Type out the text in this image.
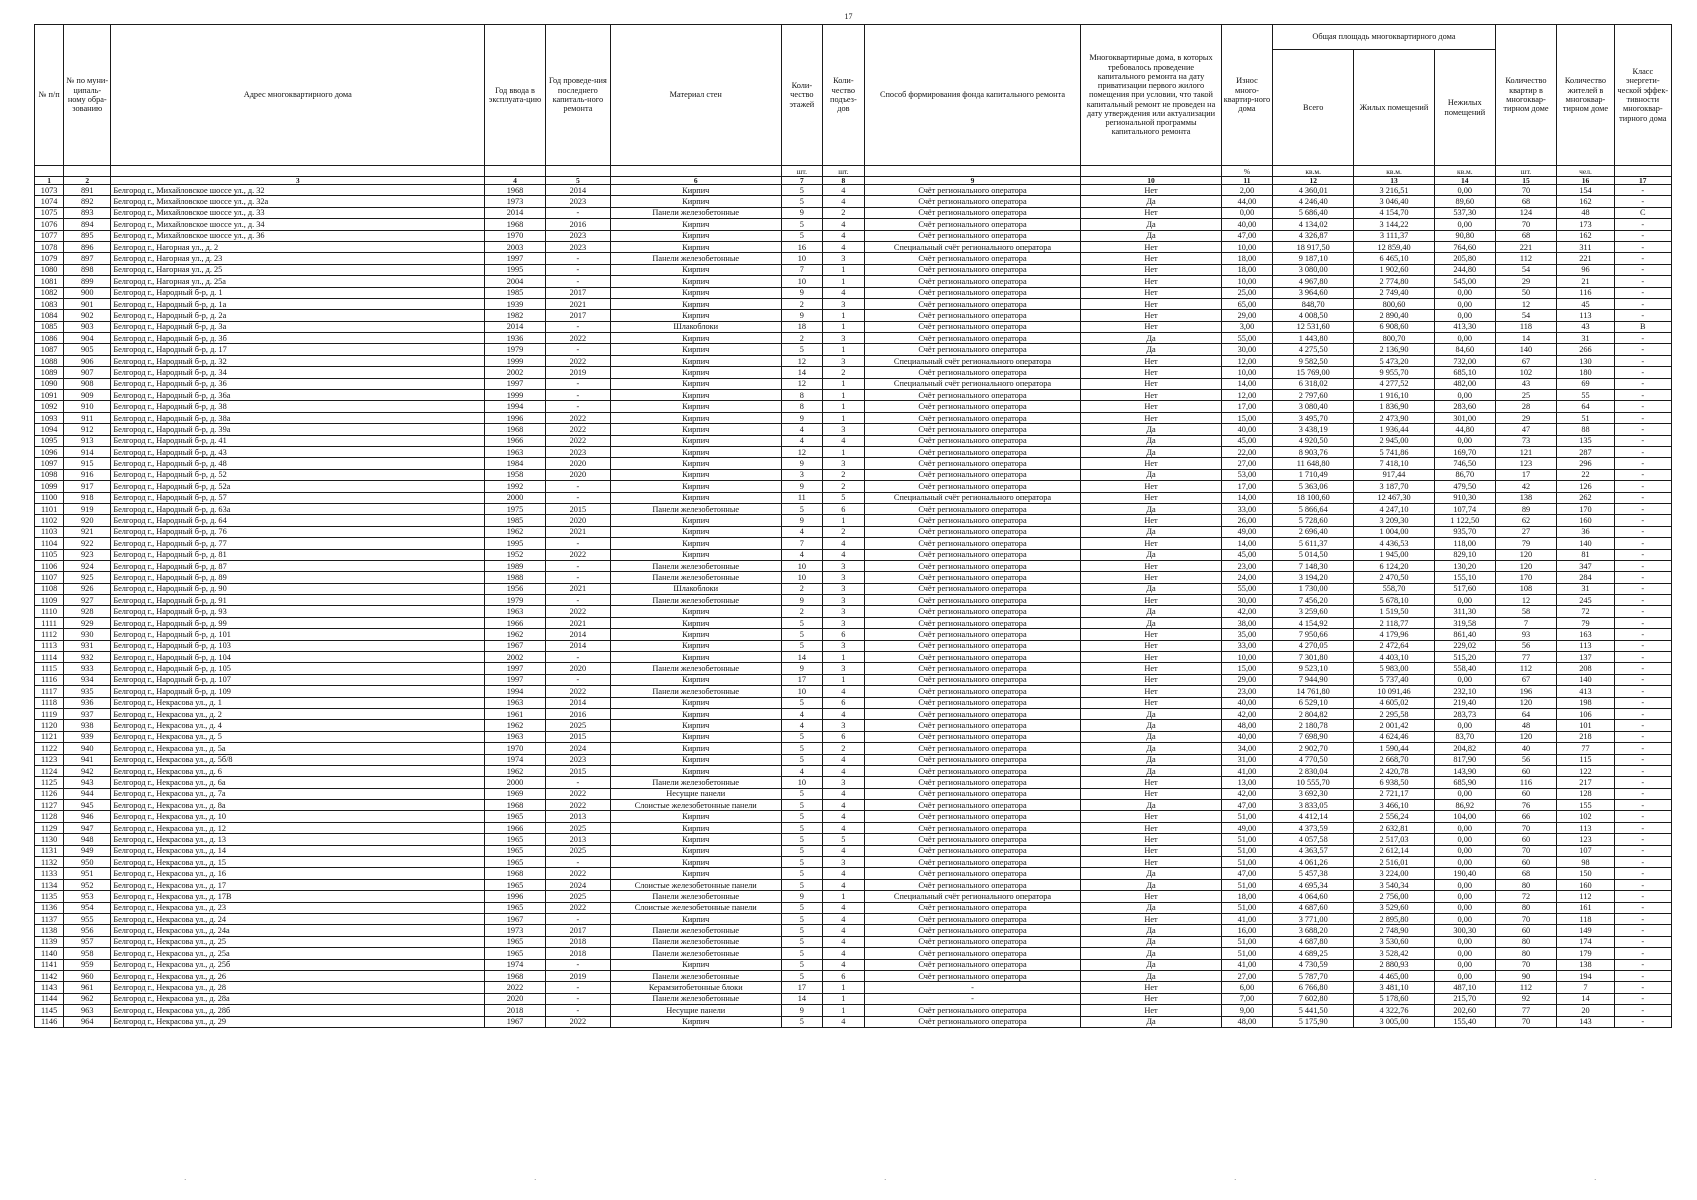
17
№ п/п	№ по муни-ципаль-ному обра-зованию	Адрес многоквартирного дома	Год ввода в эксплуата-цию	Год проведе-ния последнего капиталь-ного ремонта	Материал стен	Коли-чество этажей	Коли-чество подъез-дов	Способ формирования фонда капитального ремонта	Многоквартирные дома, в которых требовалось проведение капитального ремонта на дату приватизации первого жилого помещения при условии, что такой капитальный ремонт не проведен на дату утверждения или актуализации региональной программы капитального ремонта	Износ много-квартир-ного дома	Общая площадь многоквартирного дома			Количество квартир в многоквар-тирном доме	Количество жителей в многоквар-тирном доме	Класс энергети-ческой эффек-тивности многоквар-тирного дома
											Всего	Жилых помещений	Нежилых помещений			
						шт.	шт.			%	кв.м.	кв.м.	кв.м.	шт.	чел.	
1	2	3	4	5	6	7	8	9	10	11	12	13	14	15	16	17
1073	891	Белгород г., Михайловское шоссе ул., д. 32	1968	2014	Кирпич	5	4	Счёт регионального оператора	Нет	2,00	4 360,01	3 216,51	0,00	70	154	-
1074	892	Белгород г., Михайловское шоссе ул., д. 32а	1973	2023	Кирпич	5	4	Счёт регионального оператора	Да	44,00	4 246,40	3 046,40	89,60	68	162	-
1075	893	Белгород г., Михайловское шоссе ул., д. 33	2014	-	Панели железобетонные	9	2	Счёт регионального оператора	Нет	0,00	5 686,40	4 154,70	537,30	124	48	С
1076	894	Белгород г., Михайловское шоссе ул., д. 34	1968	2016	Кирпич	5	4	Счёт регионального оператора	Да	40,00	4 134,02	3 144,22	0,00	70	173	-
1077	895	Белгород г., Михайловское шоссе ул., д. 36	1970	2023	Кирпич	5	4	Счёт регионального оператора	Да	47,00	4 326,87	3 111,37	90,80	68	162	-
1078	896	Белгород г., Нагорная ул., д. 2	2003	2023	Кирпич	16	4	Специальный счёт регионального оператора	Нет	10,00	18 917,50	12 859,40	764,60	221	311	-
1079	897	Белгород г., Нагорная ул., д. 23	1997	-	Панели железобетонные	10	3	Счёт регионального оператора	Нет	18,00	9 187,10	6 465,10	205,80	112	221	-
1080	898	Белгород г., Нагорная ул., д. 25	1995	-	Кирпич	7	1	Счёт регионального оператора	Нет	18,00	3 080,00	1 902,60	244,80	54	96	-
1081	899	Белгород г., Нагорная ул., д. 25а	2004	-	Кирпич	10	1	Счёт регионального оператора	Нет	10,00	4 967,80	2 774,80	545,00	29	21	-
1082	900	Белгород г., Народный б-р, д. 1	1985	2017	Кирпич	9	4	Счёт регионального оператора	Нет	25,00	3 964,60	2 749,40	0,00	50	116	-
1083	901	Белгород г., Народный б-р, д. 1а	1939	2021	Кирпич	2	3	Счёт регионального оператора	Нет	65,00	848,70	800,60	0,00	12	45	-
1084	902	Белгород г., Народный б-р, д. 2а	1982	2017	Кирпич	9	1	Счёт регионального оператора	Нет	29,00	4 008,50	2 890,40	0,00	54	113	-
1085	903	Белгород г., Народный б-р, д. 3а	2014	-	Шлакоблоки	18	1	Счёт регионального оператора	Нет	3,00	12 531,60	6 908,60	413,30	118	43	В
1086	904	Белгород г., Народный б-р, д. 3б	1936	2022	Кирпич	2	3	Счёт регионального оператора	Да	55,00	1 443,80	800,70	0,00	14	31	-
1087	905	Белгород г., Народный б-р, д. 17	1979	-	Кирпич	5	1	Счёт регионального оператора	Да	30,00	4 275,50	2 136,90	84,60	140	266	-
1088	906	Белгород г., Народный б-р, д. 32	1999	2022	Кирпич	12	3	Специальный счёт регионального оператора	Нет	12,00	9 582,50	5 473,20	732,00	67	130	-
1089	907	Белгород г., Народный б-р, д. 34	2002	2019	Кирпич	14	2	Счёт регионального оператора	Нет	10,00	15 769,00	9 955,70	685,10	102	180	-
1090	908	Белгород г., Народный б-р, д. 36	1997	-	Кирпич	12	1	Специальный счёт регионального оператора	Нет	14,00	6 318,02	4 277,52	482,00	43	69	-
1091	909	Белгород г., Народный б-р, д. 36а	1999	-	Кирпич	8	1	Счёт регионального оператора	Нет	12,00	2 797,60	1 916,10	0,00	25	55	-
1092	910	Белгород г., Народный б-р, д. 38	1994	-	Кирпич	8	1	Счёт регионального оператора	Нет	17,00	3 080,40	1 836,90	283,60	28	64	-
1093	911	Белгород г., Народный б-р, д. 38а	1996	2022	Кирпич	9	1	Счёт регионального оператора	Нет	15,00	3 495,70	2 473,90	301,00	29	51	-
1094	912	Белгород г., Народный б-р, д. 39а	1968	2022	Кирпич	4	3	Счёт регионального оператора	Да	40,00	3 438,19	1 936,44	44,80	47	88	-
1095	913	Белгород г., Народный б-р, д. 41	1966	2022	Кирпич	4	4	Счёт регионального оператора	Да	45,00	4 920,50	2 945,00	0,00	73	135	-
1096	914	Белгород г., Народный б-р, д. 43	1963	2023	Кирпич	12	1	Счёт регионального оператора	Да	22,00	8 903,76	5 741,86	169,70	121	287	-
1097	915	Белгород г., Народный б-р, д. 48	1984	2020	Кирпич	9	3	Счёт регионального оператора	Нет	27,00	11 648,80	7 418,10	746,50	123	296	-
1098	916	Белгород г., Народный б-р, д. 52	1958	2020	Кирпич	3	2	Счёт регионального оператора	Да	53,00	1 710,49	917,44	86,70	17	22	-
1099	917	Белгород г., Народный б-р, д. 52а	1992	-	Кирпич	9	2	Счёт регионального оператора	Нет	17,00	5 363,06	3 187,70	479,50	42	126	-
1100	918	Белгород г., Народный б-р, д. 57	2000	-	Кирпич	11	5	Специальный счёт регионального оператора	Нет	14,00	18 100,60	12 467,30	910,30	138	262	-
1101	919	Белгород г., Народный б-р, д. 63а	1975	2015	Панели железобетонные	5	6	Счёт регионального оператора	Да	33,00	5 866,64	4 247,10	107,74	89	170	-
1102	920	Белгород г., Народный б-р, д. 64	1985	2020	Кирпич	9	1	Счёт регионального оператора	Нет	26,00	5 728,60	3 209,30	1 122,50	62	160	-
1103	921	Белгород г., Народный б-р, д. 76	1962	2021	Кирпич	4	2	Счёт регионального оператора	Да	49,00	2 696,40	1 004,00	935,70	27	36	-
1104	922	Белгород г., Народный б-р, д. 77	1995	-	Кирпич	7	4	Счёт регионального оператора	Нет	14,00	5 611,37	4 436,53	118,00	79	140	-
1105	923	Белгород г., Народный б-р, д. 81	1952	2022	Кирпич	4	4	Счёт регионального оператора	Да	45,00	5 014,50	1 945,00	829,10	120	81	-
1106	924	Белгород г., Народный б-р, д. 87	1989	-	Панели железобетонные	10	3	Счёт регионального оператора	Нет	23,00	7 148,30	6 124,20	130,20	120	347	-
1107	925	Белгород г., Народный б-р, д. 89	1988	-	Панели железобетонные	10	3	Счёт регионального оператора	Нет	24,00	3 194,20	2 470,50	155,10	170	284	-
1108	926	Белгород г., Народный б-р, д. 90	1956	2021	Шлакоблоки	2	3	Счёт регионального оператора	Да	55,00	1 730,00	558,70	517,60	108	31	-
1109	927	Белгород г., Народный б-р, д. 91	1979	-	Панели железобетонные	9	3	Счёт регионального оператора	Нет	30,00	7 456,20	5 678,10	0,00	12	245	-
1110	928	Белгород г., Народный б-р, д. 93	1963	2022	Кирпич	2	3	Счёт регионального оператора	Да	42,00	3 259,60	1 519,50	311,30	58	72	-
1111	929	Белгород г., Народный б-р, д. 99	1966	2021	Кирпич	5	3	Счёт регионального оператора	Да	38,00	4 154,92	2 118,77	319,58	7	79	-
1112	930	Белгород г., Народный б-р, д. 101	1962	2014	Кирпич	5	6	Счёт регионального оператора	Нет	35,00	7 950,66	4 179,96	861,40	93	163	-
1113	931	Белгород г., Народный б-р, д. 103	1967	2014	Кирпич	5	3	Счёт регионального оператора	Нет	33,00	4 270,05	2 472,64	229,02	56	113	-
1114	932	Белгород г., Народный б-р, д. 104	2002	-	Кирпич	14	1	Счёт регионального оператора	Нет	10,00	7 301,80	4 403,10	515,20	77	137	-
1115	933	Белгород г., Народный б-р, д. 105	1997	2020	Панели железобетонные	9	3	Счёт регионального оператора	Нет	15,00	9 523,10	5 983,00	558,40	112	208	-
1116	934	Белгород г., Народный б-р, д. 107	1997	-	Кирпич	17	1	Счёт регионального оператора	Нет	29,00	7 944,90	5 737,40	0,00	67	140	-
1117	935	Белгород г., Народный б-р, д. 109	1994	2022	Панели железобетонные	10	4	Счёт регионального оператора	Нет	23,00	14 761,80	10 091,46	232,10	196	413	-
1118	936	Белгород г., Некрасова ул., д. 1	1963	2014	Кирпич	5	6	Счёт регионального оператора	Нет	40,00	6 529,10	4 605,02	219,40	120	198	-
1119	937	Белгород г., Некрасова ул., д. 2	1961	2016	Кирпич	4	4	Счёт регионального оператора	Да	42,00	2 804,82	2 295,58	283,73	64	106	-
1120	938	Белгород г., Некрасова ул., д. 4	1962	2025	Кирпич	4	3	Счёт регионального оператора	Да	48,00	2 180,78	2 001,42	0,00	48	101	-
1121	939	Белгород г., Некрасова ул., д. 5	1963	2015	Кирпич	5	6	Счёт регионального оператора	Да	40,00	7 698,90	4 624,46	83,70	120	218	-
1122	940	Белгород г., Некрасова ул., д. 5а	1970	2024	Кирпич	5	2	Счёт регионального оператора	Да	34,00	2 902,70	1 590,44	204,82	40	77	-
1123	941	Белгород г., Некрасова ул., д. 5б/8	1974	2023	Кирпич	5	4	Счёт регионального оператора	Да	31,00	4 770,50	2 668,70	817,90	56	115	-
1124	942	Белгород г., Некрасова ул., д. 6	1962	2015	Кирпич	4	4	Счёт регионального оператора	Да	41,00	2 830,04	2 420,78	143,90	60	122	-
1125	943	Белгород г., Некрасова ул., д. 6а	2000	-	Панели железобетонные	10	3	Счёт регионального оператора	Нет	13,00	10 555,70	6 938,50	685,90	116	217	-
1126	944	Белгород г., Некрасова ул., д. 7а	1969	2022	Несущие панели	5	4	Счёт регионального оператора	Нет	42,00	3 692,30	2 721,17	0,00	60	128	-
1127	945	Белгород г., Некрасова ул., д. 8а	1968	2022	Слоистые железобетонные панели	5	4	Счёт регионального оператора	Да	47,00	3 833,05	3 466,10	86,92	76	155	-
1128	946	Белгород г., Некрасова ул., д. 10	1965	2013	Кирпич	5	4	Счёт регионального оператора	Нет	51,00	4 412,14	2 556,24	104,00	66	102	-
1129	947	Белгород г., Некрасова ул., д. 12	1966	2025	Кирпич	5	4	Счёт регионального оператора	Нет	49,00	4 373,59	2 632,81	0,00	70	113	-
1130	948	Белгород г., Некрасова ул., д. 13	1965	2013	Кирпич	5	5	Счёт регионального оператора	Нет	51,00	4 057,58	2 517,03	0,00	60	123	-
1131	949	Белгород г., Некрасова ул., д. 14	1965	2025	Кирпич	5	4	Счёт регионального оператора	Нет	51,00	4 363,57	2 612,14	0,00	70	107	-
1132	950	Белгород г., Некрасова ул., д. 15	1965	-	Кирпич	5	3	Счёт регионального оператора	Нет	51,00	4 061,26	2 516,01	0,00	60	98	-
1133	951	Белгород г., Некрасова ул., д. 16	1968	2022	Кирпич	5	4	Счёт регионального оператора	Да	47,00	5 457,38	3 224,00	190,40	68	150	-
1134	952	Белгород г., Некрасова ул., д. 17	1965	2024	Слоистые железобетонные панели	5	4	Счёт регионального оператора	Да	51,00	4 695,34	3 540,34	0,00	80	160	-
1135	953	Белгород г., Некрасова ул., д. 17В	1996	2025	Панели железобетонные	9	1	Специальный счёт регионального оператора	Нет	18,00	4 064,60	2 756,00	0,00	72	112	-
1136	954	Белгород г., Некрасова ул., д. 23	1965	2022	Слоистые железобетонные панели	5	4	Счёт регионального оператора	Да	51,00	4 687,60	3 529,60	0,00	80	161	-
1137	955	Белгород г., Некрасова ул., д. 24	1967	-	Кирпич	5	4	Счёт регионального оператора	Нет	41,00	3 771,00	2 895,80	0,00	70	118	-
1138	956	Белгород г., Некрасова ул., д. 24а	1973	2017	Панели железобетонные	5	4	Счёт регионального оператора	Да	16,00	3 688,20	2 748,90	300,30	60	149	-
1139	957	Белгород г., Некрасова ул., д. 25	1965	2018	Панели железобетонные	5	4	Счёт регионального оператора	Да	51,00	4 687,80	3 530,60	0,00	80	174	-
1140	958	Белгород г., Некрасова ул., д. 25а	1965	2018	Панели железобетонные	5	4	Счёт регионального оператора	Да	51,00	4 689,25	3 528,42	0,00	80	179	-
1141	959	Белгород г., Некрасова ул., д. 25б	1974	-	Кирпич	5	4	Счёт регионального оператора	Да	41,00	4 730,59	2 880,93	0,00	70	138	-
1142	960	Белгород г., Некрасова ул., д. 26	1968	2019	Панели железобетонные	5	6	Счёт регионального оператора	Да	27,00	5 787,70	4 465,00	0,00	90	194	-
1143	961	Белгород г., Некрасова ул., д. 28	2022	-	Керамзитобетонные блоки	17	1	-	Нет	6,00	6 766,80	3 481,10	487,10	112	7	-
1144	962	Белгород г., Некрасова ул., д. 28а	2020	-	Панели железобетонные	14	1	-	Нет	7,00	7 602,80	5 178,60	215,70	92	14	-
1145	963	Белгород г., Некрасова ул., д. 28б	2018	-	Несущие панели	9	1	Счёт регионального оператора	Нет	9,00	5 441,50	4 322,76	202,60	77	20	-
1146	964	Белгород г., Некрасова ул., д. 29	1967	2022	Кирпич	5	4	Счёт регионального оператора	Да	48,00	5 175,90	3 005,00	155,40	70	143	-
·	·	·	·	·
